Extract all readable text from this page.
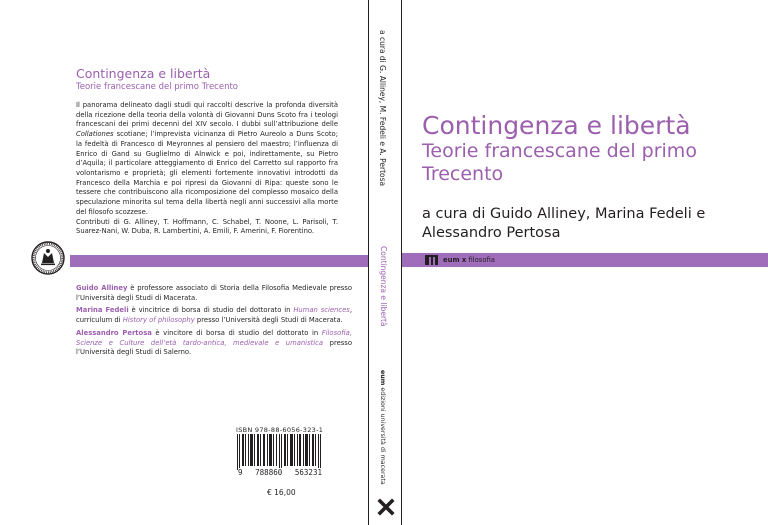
Contingenza e libertà
Teorie francescane del primo Trecento

Il panorama delineato dagli studi qui raccolti descrive la profonda diversità della ricezione della teoria della volontà di Giovanni Duns Scoto fra i teologi francescani dei primi decenni del XIV secolo. I dubbi sull’attribuzione delle Collationes scotiane; l’imprevista vicinanza di Pietro Aureolo a Duns Scoto; la fedeltà di Francesco di Meyronnes al pensiero del maestro; l’influenza di Enrico di Gand su Guglielmo di Alnwick e poi, indirettamente, su Pietro d’Aquila; il particolare atteggiamento di Enrico del Carretto sul rapporto fra volontarismo e proprietà; gli elementi fortemente innovativi introdotti da Francesco della Marchia e poi ripresi da Giovanni di Ripa: queste sono le tessere che contribuiscono alla ricomposizione del complesso mosaico della speculazione minorita sul tema della libertà negli anni successivi alla morte del filosofo scozzese.

Contributi di G. Alliney, T. Hoffmann, C. Schabel, T. Noone, L. Parisoli, T. Suarez-Nani, W. Duba, R. Lambertini, A. Emili, F. Amerini, F. Fiorentino.

Guido Alliney è professore associato di Storia della Filosofia Medievale presso l’Università degli Studi di Macerata.

Marina Fedeli è vincitrice di borsa di studio del dottorato in Human sciences, curriculum di History of philosophy presso l’Università degli Studi di Macerata.

Alessandro Pertosa è vincitore di borsa di studio del dottorato in Filosofia, Scienze e Culture dell’età tardo-antica, medievale e umanistica presso l’Università degli Studi di Salerno.

ISBN 978-88-6056-323-1
9 788860 563231
€ 16,00
a cura di G. Alliney, M. Fedeli e A. Pertosa
Contingenza e libertà
eum edizioni università di macerata
Contingenza e libertà
Teorie francescane del primo Trecento
a cura di Guido Alliney, Marina Fedeli e Alessandro Pertosa
eum x filosofia
